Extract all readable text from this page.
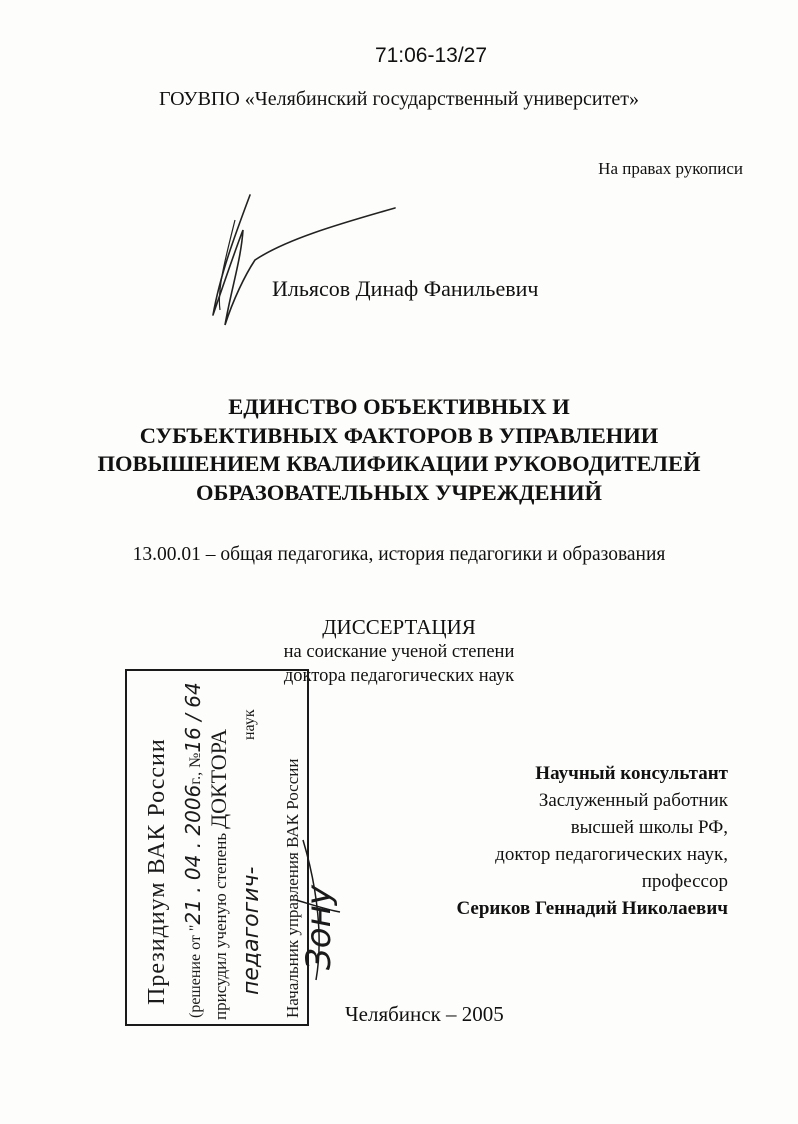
71:06-13/27
ГОУВПО «Челябинский государственный университет»
На правах рукописи
Ильясов Динаф Фанильевич
ЕДИНСТВО ОБЪЕКТИВНЫХ И
СУБЪЕКТИВНЫХ ФАКТОРОВ В УПРАВЛЕНИИ
ПОВЫШЕНИЕМ КВАЛИФИКАЦИИ РУКОВОДИТЕЛЕЙ
ОБРАЗОВАТЕЛЬНЫХ УЧРЕЖДЕНИЙ
13.00.01 – общая педагогика, история педагогики и образования
ДИССЕРТАЦИЯ
на соискание ученой степени
доктора педагогических наук
Научный консультант
Заслуженный работник
высшей школы РФ,
доктор педагогических наук,
профессор
Сериков Геннадий Николаевич
Президиум ВАК России	(решение от "21 . 04 . 2006г., №16 / 64
присудил ученую степеньДОКТОРА
педагогич-
наук
Начальник управления ВАК России
Зону
Челябинск – 2005
